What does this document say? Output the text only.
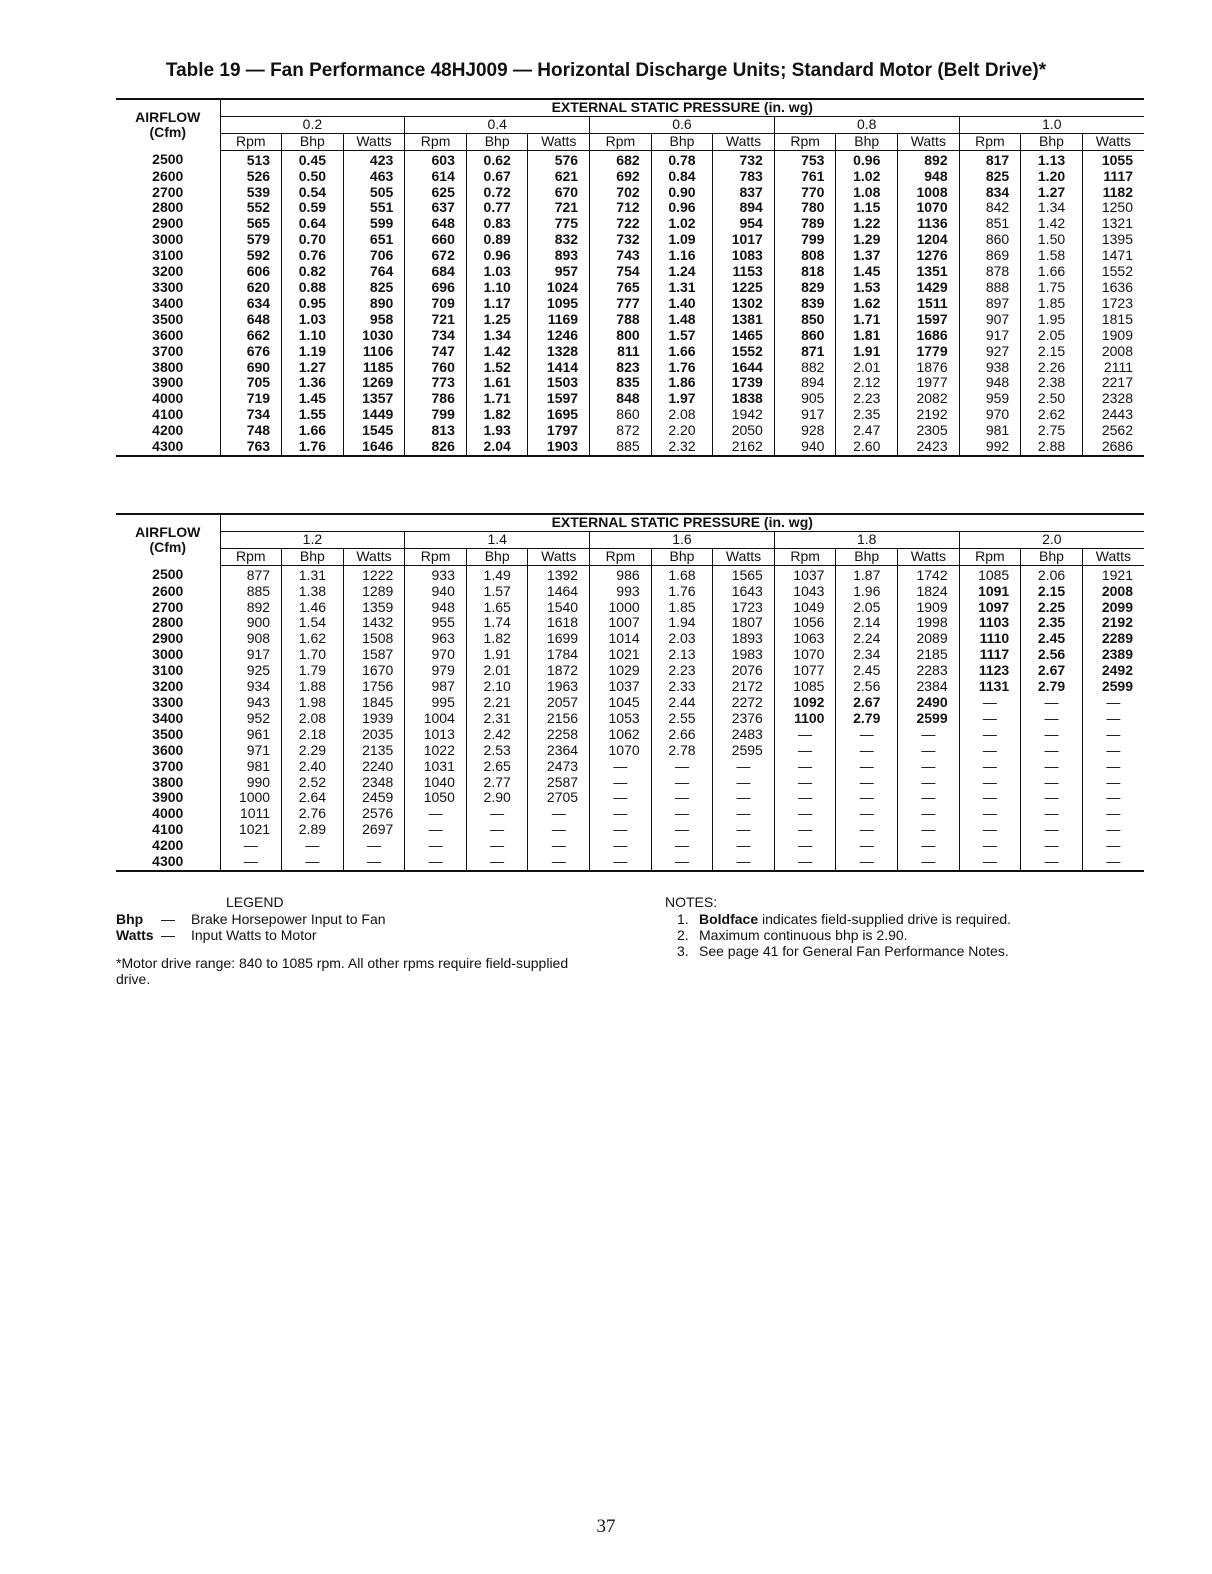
Table 19 — Fan Performance 48HJ009 — Horizontal Discharge Units; Standard Motor (Belt Drive)*
AIRFLOW
(Cfm)	EXTERNAL STATIC PRESSURE (in. wg)														
	0.2			0.4			0.6			0.8			1.0		
	Rpm	Bhp	Watts	Rpm	Bhp	Watts	Rpm	Bhp	Watts	Rpm	Bhp	Watts	Rpm	Bhp	Watts
2500	513	0.45	423	603	0.62	576	682	0.78	732	753	0.96	892	817	1.13	1055
2600	526	0.50	463	614	0.67	621	692	0.84	783	761	1.02	948	825	1.20	1117
2700	539	0.54	505	625	0.72	670	702	0.90	837	770	1.08	1008	834	1.27	1182
2800	552	0.59	551	637	0.77	721	712	0.96	894	780	1.15	1070	842	1.34	1250
2900	565	0.64	599	648	0.83	775	722	1.02	954	789	1.22	1136	851	1.42	1321
3000	579	0.70	651	660	0.89	832	732	1.09	1017	799	1.29	1204	860	1.50	1395
3100	592	0.76	706	672	0.96	893	743	1.16	1083	808	1.37	1276	869	1.58	1471
3200	606	0.82	764	684	1.03	957	754	1.24	1153	818	1.45	1351	878	1.66	1552
3300	620	0.88	825	696	1.10	1024	765	1.31	1225	829	1.53	1429	888	1.75	1636
3400	634	0.95	890	709	1.17	1095	777	1.40	1302	839	1.62	1511	897	1.85	1723
3500	648	1.03	958	721	1.25	1169	788	1.48	1381	850	1.71	1597	907	1.95	1815
3600	662	1.10	1030	734	1.34	1246	800	1.57	1465	860	1.81	1686	917	2.05	1909
3700	676	1.19	1106	747	1.42	1328	811	1.66	1552	871	1.91	1779	927	2.15	2008
3800	690	1.27	1185	760	1.52	1414	823	1.76	1644	882	2.01	1876	938	2.26	2111
3900	705	1.36	1269	773	1.61	1503	835	1.86	1739	894	2.12	1977	948	2.38	2217
4000	719	1.45	1357	786	1.71	1597	848	1.97	1838	905	2.23	2082	959	2.50	2328
4100	734	1.55	1449	799	1.82	1695	860	2.08	1942	917	2.35	2192	970	2.62	2443
4200	748	1.66	1545	813	1.93	1797	872	2.20	2050	928	2.47	2305	981	2.75	2562
4300	763	1.76	1646	826	2.04	1903	885	2.32	2162	940	2.60	2423	992	2.88	2686
AIRFLOW
(Cfm)	EXTERNAL STATIC PRESSURE (in. wg)														
	1.2			1.4			1.6			1.8			2.0		
	Rpm	Bhp	Watts	Rpm	Bhp	Watts	Rpm	Bhp	Watts	Rpm	Bhp	Watts	Rpm	Bhp	Watts
2500	877	1.31	1222	933	1.49	1392	986	1.68	1565	1037	1.87	1742	1085	2.06	1921
2600	885	1.38	1289	940	1.57	1464	993	1.76	1643	1043	1.96	1824	1091	2.15	2008
2700	892	1.46	1359	948	1.65	1540	1000	1.85	1723	1049	2.05	1909	1097	2.25	2099
2800	900	1.54	1432	955	1.74	1618	1007	1.94	1807	1056	2.14	1998	1103	2.35	2192
2900	908	1.62	1508	963	1.82	1699	1014	2.03	1893	1063	2.24	2089	1110	2.45	2289
3000	917	1.70	1587	970	1.91	1784	1021	2.13	1983	1070	2.34	2185	1117	2.56	2389
3100	925	1.79	1670	979	2.01	1872	1029	2.23	2076	1077	2.45	2283	1123	2.67	2492
3200	934	1.88	1756	987	2.10	1963	1037	2.33	2172	1085	2.56	2384	1131	2.79	2599
3300	943	1.98	1845	995	2.21	2057	1045	2.44	2272	1092	2.67	2490	—	—	—
3400	952	2.08	1939	1004	2.31	2156	1053	2.55	2376	1100	2.79	2599	—	—	—
3500	961	2.18	2035	1013	2.42	2258	1062	2.66	2483	—	—	—	—	—	—
3600	971	2.29	2135	1022	2.53	2364	1070	2.78	2595	—	—	—	—	—	—
3700	981	2.40	2240	1031	2.65	2473	—	—	—	—	—	—	—	—	—
3800	990	2.52	2348	1040	2.77	2587	—	—	—	—	—	—	—	—	—
3900	1000	2.64	2459	1050	2.90	2705	—	—	—	—	—	—	—	—	—
4000	1011	2.76	2576	—	—	—	—	—	—	—	—	—	—	—	—
4100	1021	2.89	2697	—	—	—	—	—	—	—	—	—	—	—	—
4200	—	—	—	—	—	—	—	—	—	—	—	—	—	—	—
4300	—	—	—	—	—	—	—	—	—	—	—	—	—	—	—
LEGEND
Bhp — Brake Horsepower Input to Fan
Watts — Input Watts to Motor
*Motor drive range: 840 to 1085 rpm. All other rpms require field-supplied drive.
NOTES:
1. Boldface indicates field-supplied drive is required.
2. Maximum continuous bhp is 2.90.
3. See page 41 for General Fan Performance Notes.
37
